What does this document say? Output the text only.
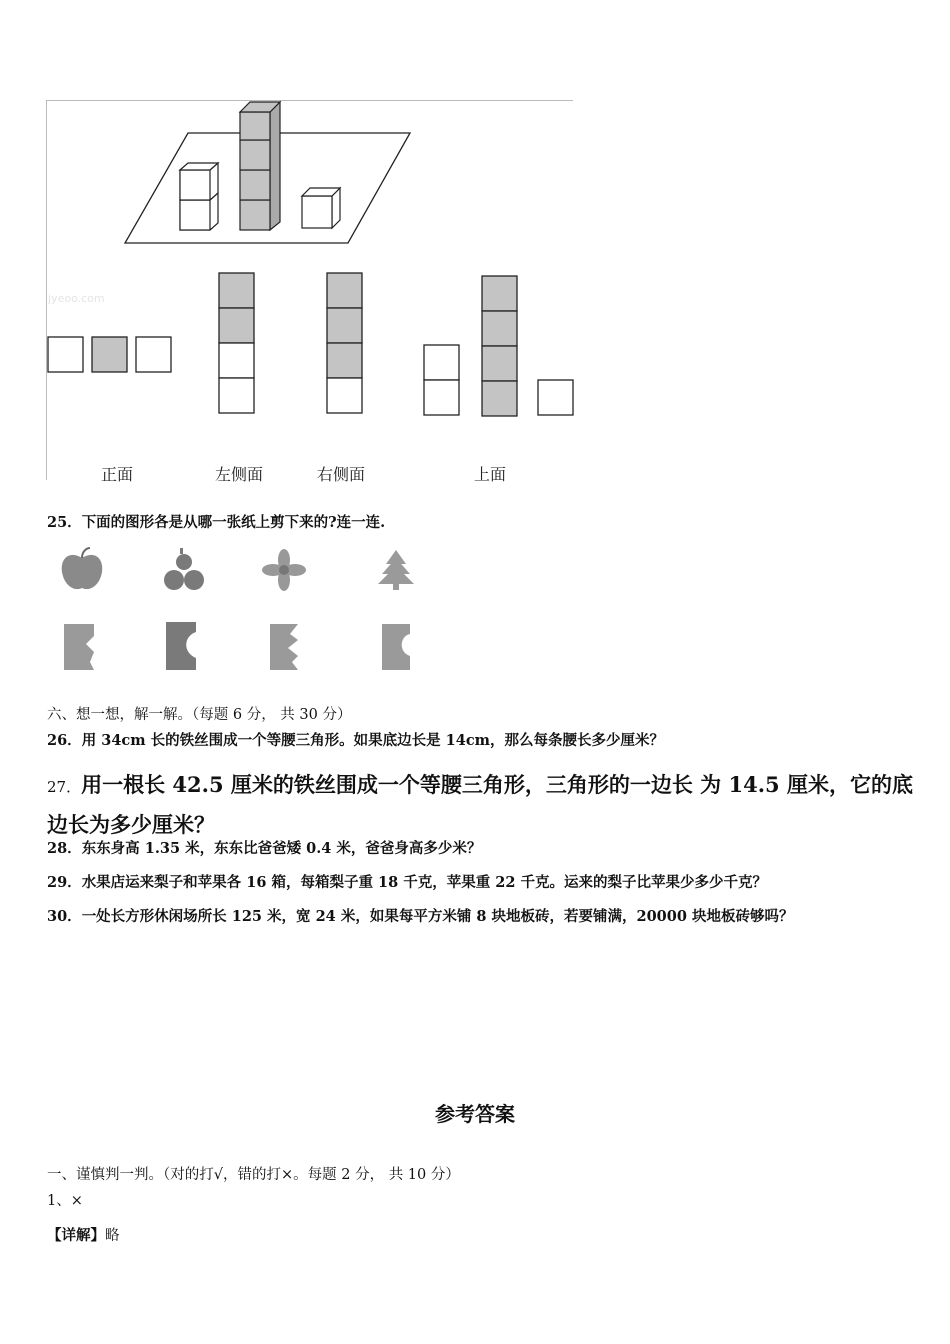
jyeoo.com
正面	左侧面	右侧面	上面
25．下面的图形各是从哪一张纸上剪下来的?连一连.
六、想一想，解一解。（每题 6 分， 共 30 分）
26．用 34cm 长的铁丝围成一个等腰三角形。如果底边长是 14cm，那么每条腰长多少厘米？
27．用一根长 42.5 厘米的铁丝围成一个等腰三角形，三角形的一边长 为 14.5 厘米，它的底边长为多少厘米？
28．东东身高 1.35 米，东东比爸爸矮 0.4 米，爸爸身高多少米？
29．水果店运来梨子和苹果各 16 箱，每箱梨子重 18 千克，苹果重 22 千克。运来的梨子比苹果少多少千克？
30．一处长方形休闲场所长 125 米，宽 24 米，如果每平方米铺 8 块地板砖，若要铺满，20000 块地板砖够吗？
参考答案
一、谨慎判一判。（对的打√，错的打×。每题 2 分， 共 10 分）
1、×
【详解】略
